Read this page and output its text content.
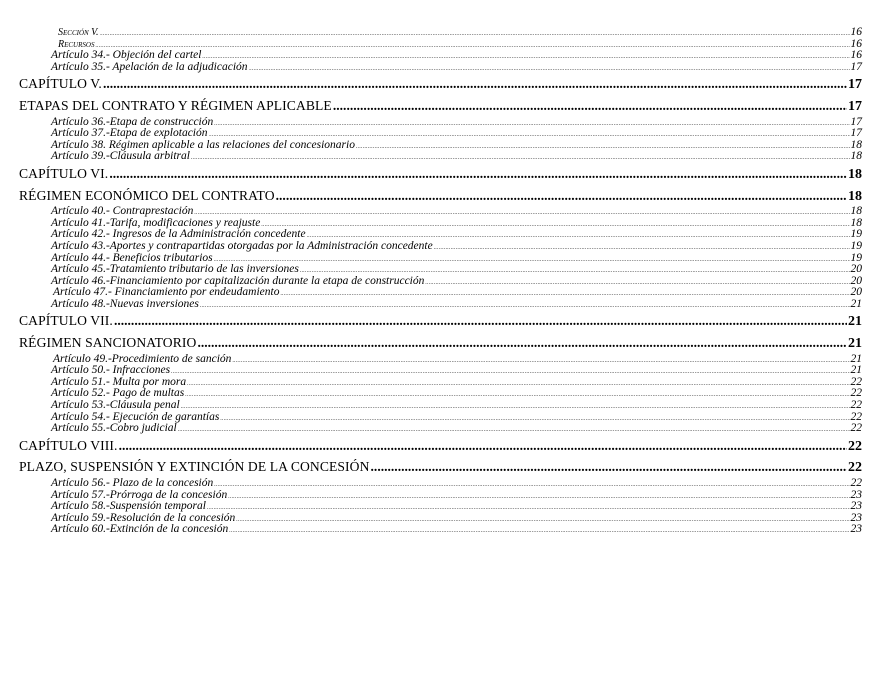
Sección V. .....	16
Recursos .....	16
Artículo 34.- Objeción del cartel .....	16
Artículo 35.- Apelación de la adjudicación .....	17
CAPÍTULO V. .....	17
ETAPAS DEL CONTRATO Y RÉGIMEN APLICABLE .....	17
Artículo 36.-Etapa de construcción .....	17
Artículo 37.-Etapa de explotación .....	17
Artículo 38. Régimen aplicable a las relaciones del concesionario .....	18
Artículo 39.-Cláusula arbitral .....	18
CAPÍTULO VI. .....	18
RÉGIMEN ECONÓMICO DEL CONTRATO .....	18
Artículo 40.- Contraprestación .....	18
Artículo 41.-Tarifa, modificaciones y reajuste .....	18
Artículo 42.- Ingresos de la Administración concedente .....	19
Artículo 43.-Aportes y contrapartidas otorgadas por la Administración concedente .....	19
Artículo 44.- Beneficios tributarios .....	19
Artículo 45.-Tratamiento tributario de las inversiones .....	20
Artículo 46.-Financiamiento por capitalización durante la etapa de construcción .....	20
Artículo 47.- Financiamiento por endeudamiento .....	20
Artículo 48.-Nuevas inversiones .....	21
CAPÍTULO VII. .....	21
RÉGIMEN SANCIONATORIO .....	21
Artículo 49.-Procedimiento de sanción .....	21
Artículo 50.- Infracciones .....	21
Artículo 51.- Multa por mora .....	22
Artículo 52.- Pago de multas .....	22
Artículo 53.-Cláusula penal .....	22
Artículo 54.- Ejecución de garantías .....	22
Artículo 55.-Cobro judicial .....	22
CAPÍTULO VIII. .....	22
PLAZO, SUSPENSIÓN Y EXTINCIÓN DE LA CONCESIÓN .....	22
Artículo 56.- Plazo de la concesión .....	22
Artículo 57.-Prórroga de la concesión .....	23
Artículo 58.-Suspensión temporal .....	23
Artículo 59.-Resolución de la concesión .....	23
Artículo 60.-Extinción de la concesión .....	23
